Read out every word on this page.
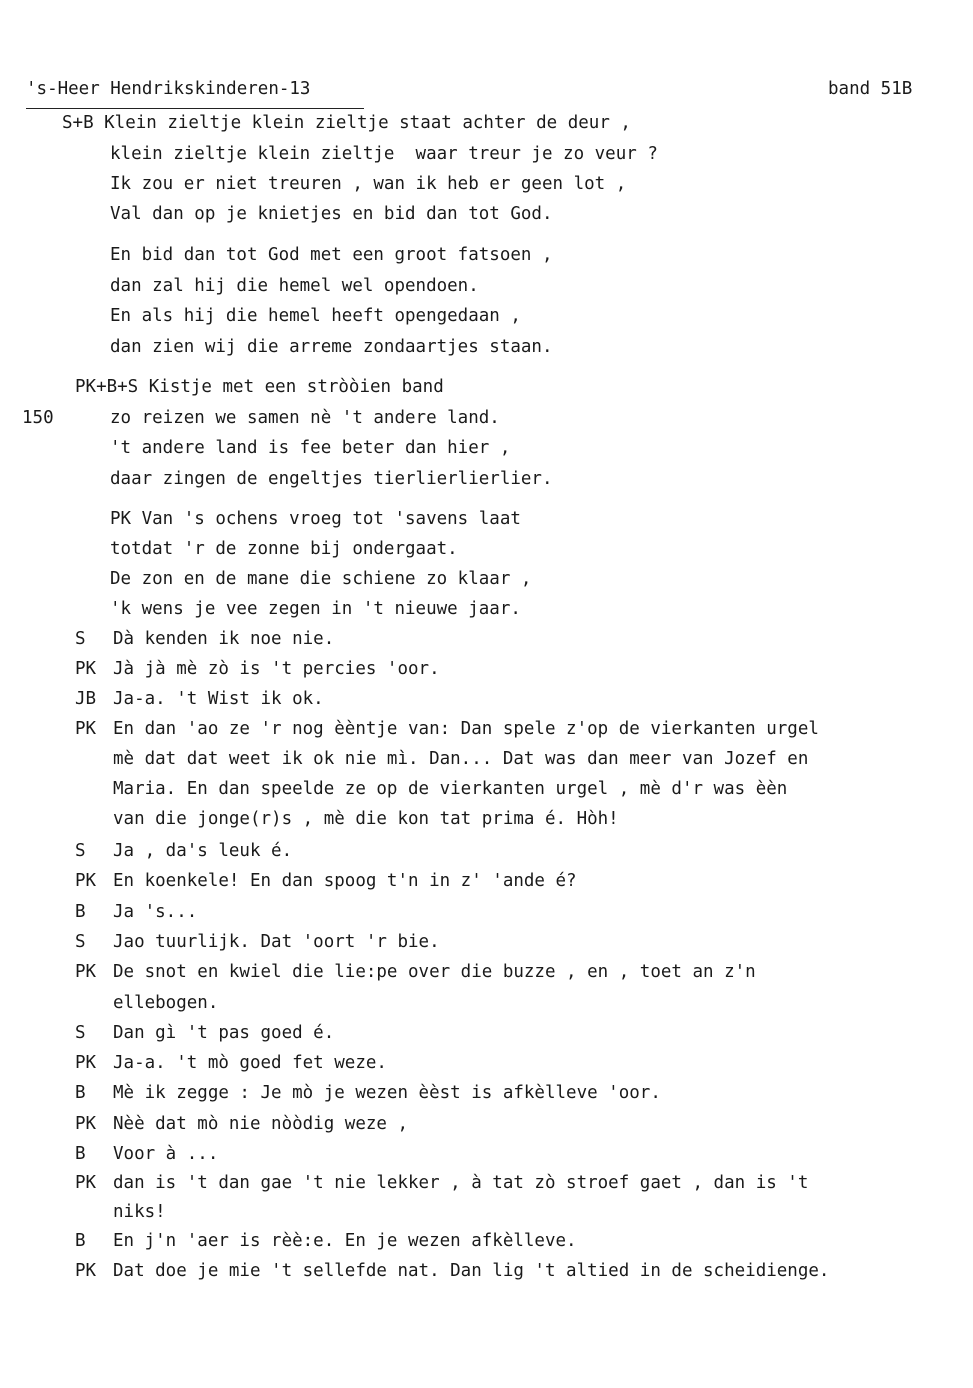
's-Heer Hendrikskinderen-13	band 51B
S+B Klein zieltje klein zieltje staat achter de deur ,
klein zieltje klein zieltje  waar treur je zo veur ?
Ik zou er niet treuren , wan ik heb er geen lot ,
Val dan op je knietjes en bid dan tot God.
En bid dan tot God met een groot fatsoen ,
dan zal hij die hemel wel opendoen.
En als hij die hemel heeft opengedaan ,
dan zien wij die arreme zondaartjes staan.
PK+B+S Kistje met een stròòien band
150	zo reizen we samen nè 't andere land.
't andere land is fee beter dan hier ,
daar zingen de engeltjes tierlierlierlier.
PK Van 's ochens vroeg tot 'savens laat
totdat 'r de zonne bij ondergaat.
De zon en de mane die schiene zo klaar ,
'k wens je vee zegen in 't nieuwe jaar.
S Dà kenden ik noe nie.
PK Jà jà mè zò is 't percies 'oor.
JB Ja-a. 't Wist ik ok.
PK En dan 'ao ze 'r nog èèntje van: Dan spele z'op de vierkanten urgel
mè dat dat weet ik ok nie mì. Dan... Dat was dan meer van Jozef en
Maria. En dan speelde ze op de vierkanten urgel , mè d'r was èèn
van die jonge(r)s , mè die kon tat prima é. Hòh!
S Ja , da's leuk é.
PK En koenkele! En dan spoog t'n in z' 'ande é?
B Ja 's...
S Jao tuurlijk. Dat 'oort 'r bie.
PK De snot en kwiel die lie:pe over die buzze , en , toet an z'n
ellebogen.
S Dan gì 't pas goed é.
PK Ja-a. 't mò goed fet weze.
B Mè ik zegge : Je mò je wezen èèst is afkèlleve 'oor.
PK Nèè dat mò nie nòòdig weze ,
B Voor à ...
PK dan is 't dan gae 't nie lekker , à tat zò stroef gaet , dan is 't
niks!
B En j'n 'aer is rèè:e. En je wezen afkèlleve.
PK Dat doe je mie 't sellefde nat. Dan lig 't altied in de scheidienge.
